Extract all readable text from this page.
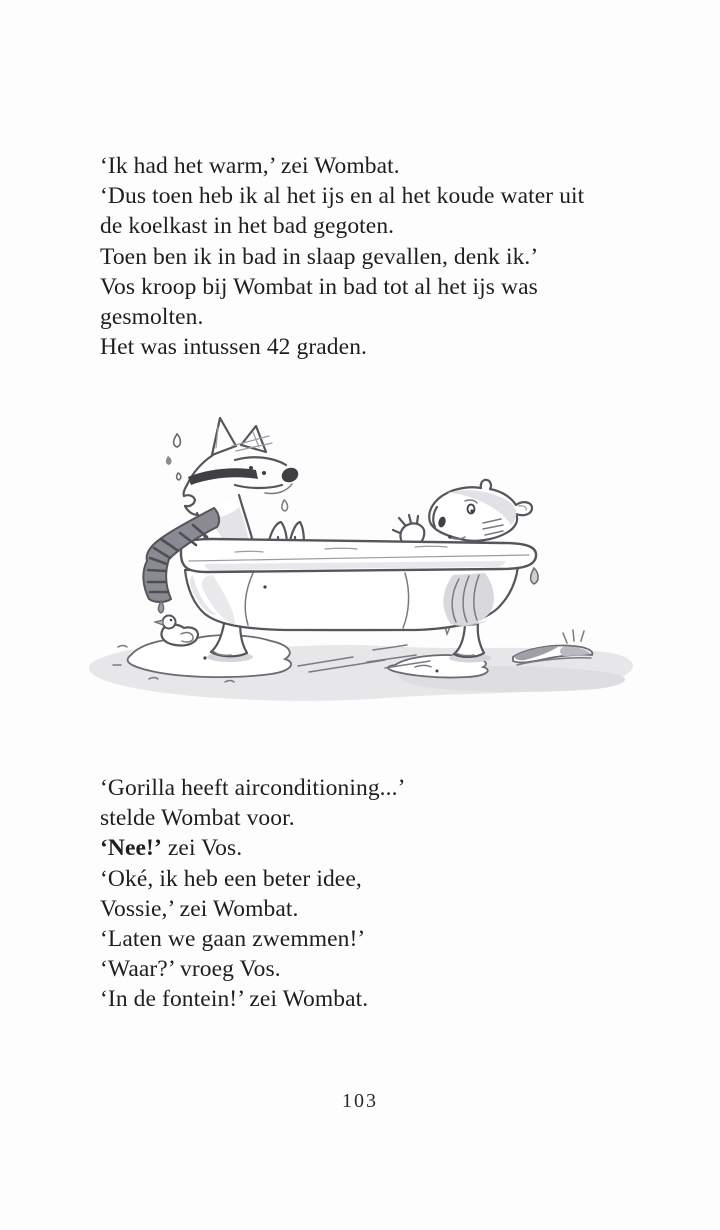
‘Ik had het warm,’ zei Wombat.
‘Dus toen heb ik al het ijs en al het koude water uit
de koelkast in het bad gegoten.
Toen ben ik in bad in slaap gevallen, denk ik.’
Vos kroop bij Wombat in bad tot al het ijs was
gesmolten.
Het was intussen 42 graden.
‘Gorilla heeft airconditioning...’
stelde Wombat voor.
‘Nee!’ zei Vos.
‘Oké, ik heb een beter idee,
Vossie,’ zei Wombat.
‘Laten we gaan zwemmen!’
‘Waar?’ vroeg Vos.
‘In de fontein!’ zei Wombat.
103
